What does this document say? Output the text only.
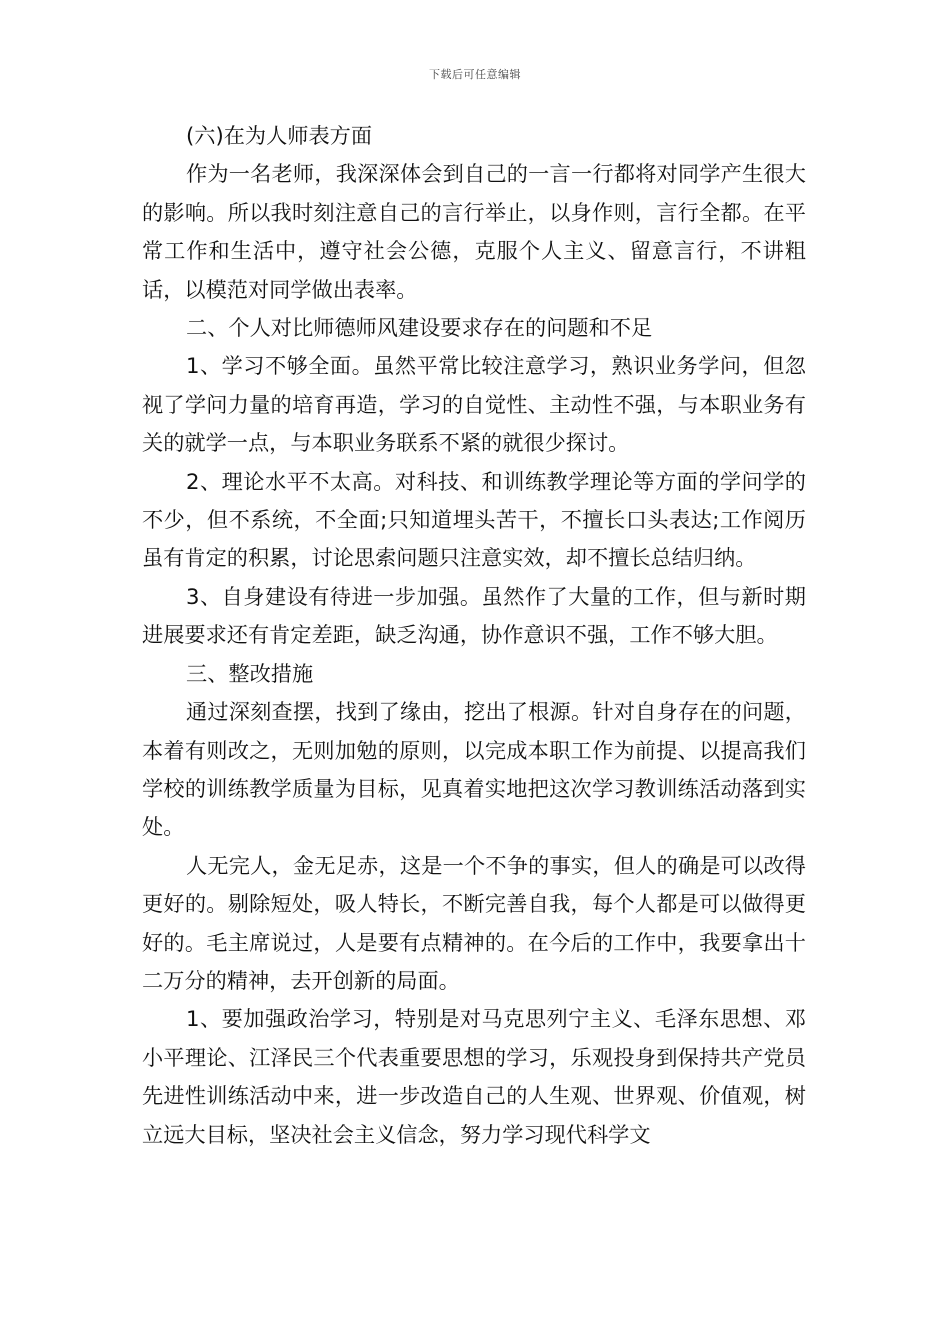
下载后可任意编辑

(六)在为人师表方面

作为一名老师，我深深体会到自己的一言一行都将对同学产生很大的影响。所以我时刻注意自己的言行举止，以身作则，言行全都。在平常工作和生活中，遵守社会公德，克服个人主义、留意言行，不讲粗话，以模范对同学做出表率。

二、个人对比师德师风建设要求存在的问题和不足

1、学习不够全面。虽然平常比较注意学习，熟识业务学问，但忽视了学问力量的培育再造，学习的自觉性、主动性不强，与本职业务有关的就学一点，与本职业务联系不紧的就很少探讨。

2、理论水平不太高。对科技、和训练教学理论等方面的学问学的不少，但不系统，不全面;只知道埋头苦干，不擅长口头表达;工作阅历虽有肯定的积累，讨论思索问题只注意实效，却不擅长总结归纳。

3、自身建设有待进一步加强。虽然作了大量的工作，但与新时期进展要求还有肯定差距，缺乏沟通，协作意识不强，工作不够大胆。

三、整改措施

通过深刻查摆，找到了缘由，挖出了根源。针对自身存在的问题，本着有则改之，无则加勉的原则，以完成本职工作为前提、以提高我们学校的训练教学质量为目标，见真着实地把这次学习教训练活动落到实处。

人无完人，金无足赤，这是一个不争的事实，但人的确是可以改得更好的。剔除短处，吸人特长，不断完善自我，每个人都是可以做得更好的。毛主席说过，人是要有点精神的。在今后的工作中，我要拿出十二万分的精神，去开创新的局面。

1、要加强政治学习，特别是对马克思列宁主义、毛泽东思想、邓小平理论、江泽民三个代表重要思想的学习，乐观投身到保持共产党员先进性训练活动中来，进一步改造自己的人生观、世界观、价值观，树立远大目标，坚决社会主义信念，努力学习现代科学文
